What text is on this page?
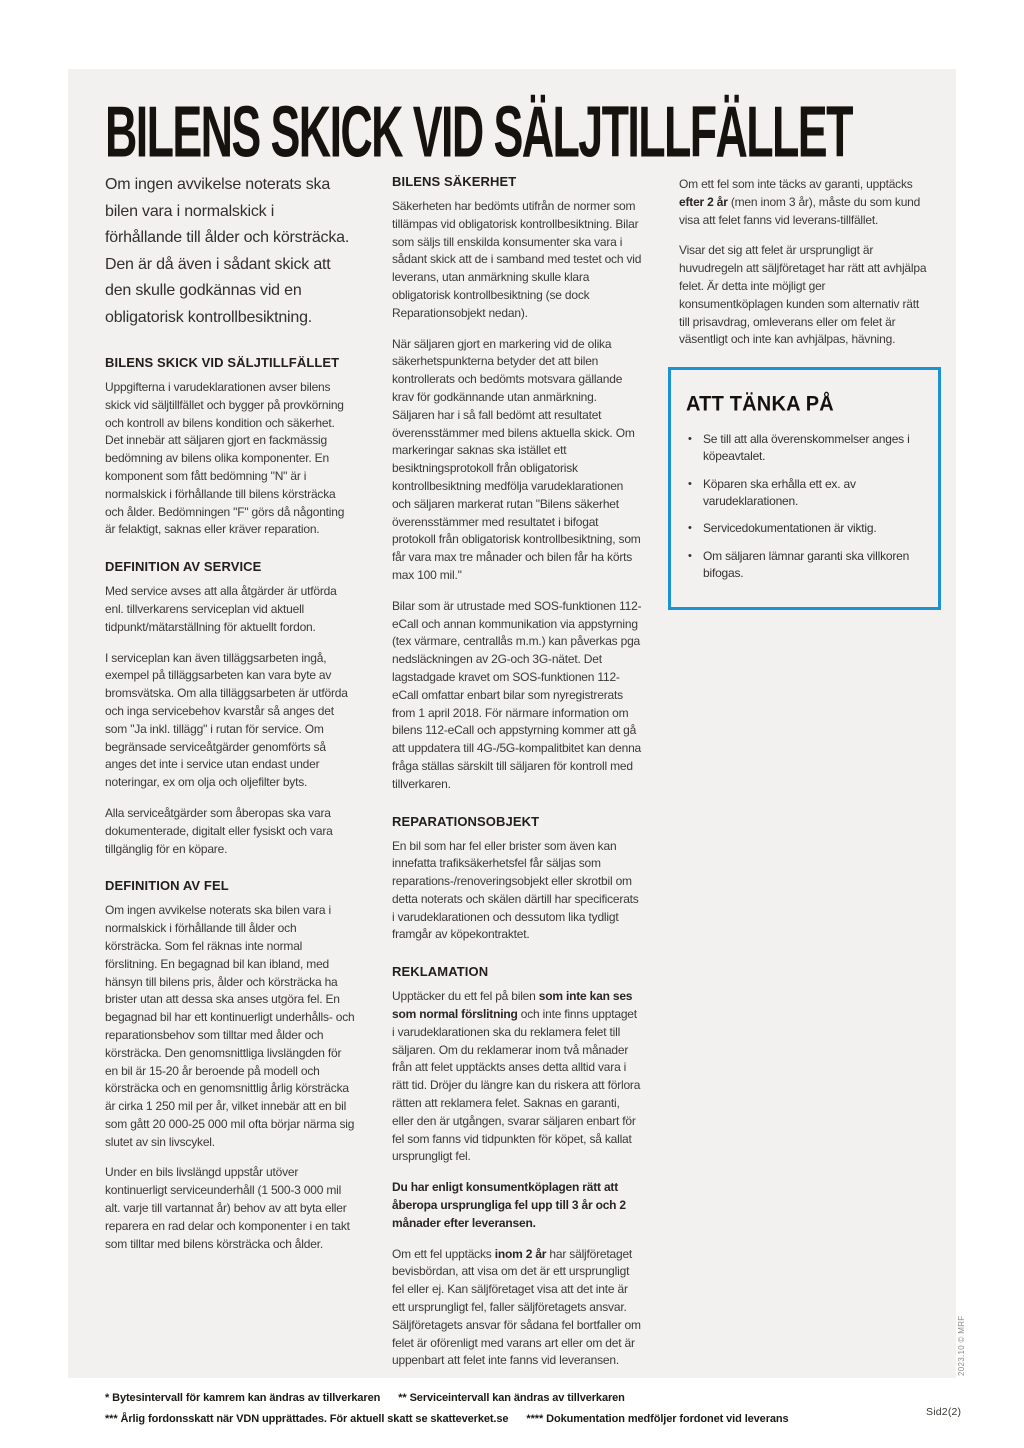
BILENS SKICK VID SÄLJTILLFÄLLET

Om ingen avvikelse noterats ska bilen vara i normalskick i förhållande till ålder och körsträcka. Den är då även i sådant skick att den skulle godkännas vid en obligatorisk kontrollbesiktning.

BILENS SKICK VID SÄLJTILLFÄLLET

Uppgifterna i varudeklarationen avser bilens skick vid säljtillfället och bygger på provkörning och kontroll av bilens kondition och säkerhet. Det innebär att säljaren gjort en fackmässig bedömning av bilens olika komponenter. En komponent som fått bedömning "N" är i normalskick i förhållande till bilens körsträcka och ålder. Bedömningen "F" görs då någonting är felaktigt, saknas eller kräver reparation.

DEFINITION AV SERVICE

Med service avses att alla åtgärder är utförda enl. tillverkarens serviceplan vid aktuell tidpunkt/mätarställning för aktuellt fordon.

I serviceplan kan även tilläggsarbeten ingå, exempel på tilläggsarbeten kan vara byte av bromsvätska. Om alla tilläggsarbeten är utförda och inga servicebehov kvarstår så anges det som "Ja inkl. tillägg" i rutan för service. Om begränsade serviceåtgärder genomförts så anges det inte i service utan endast under noteringar, ex om olja och oljefilter byts.

Alla serviceåtgärder som åberopas ska vara dokumenterade, digitalt eller fysiskt och vara tillgänglig för en köpare.

DEFINITION AV FEL

Om ingen avvikelse noterats ska bilen vara i normalskick i förhållande till ålder och körsträcka. Som fel räknas inte normal förslitning. En begagnad bil kan ibland, med hänsyn till bilens pris, ålder och körsträcka ha brister utan att dessa ska anses utgöra fel. En begagnad bil har ett kontinuerligt underhålls- och reparationsbehov som tilltar med ålder och körsträcka. Den genomsnittliga livslängden för en bil är 15-20 år beroende på modell och körsträcka och en genomsnittlig årlig körsträcka är cirka 1 250 mil per år, vilket innebär att en bil som gått 20 000-25 000 mil ofta börjar närma sig slutet av sin livscykel.

Under en bils livslängd uppstår utöver kontinuerligt serviceunderhåll (1 500-3 000 mil alt. varje till vartannat år) behov av att byta eller reparera en rad delar och komponenter i en takt som tilltar med bilens körsträcka och ålder.

BILENS SÄKERHET

Säkerheten har bedömts utifrån de normer som tillämpas vid obligatorisk kontrollbesiktning. Bilar som säljs till enskilda konsumenter ska vara i sådant skick att de i samband med testet och vid leverans, utan anmärkning skulle klara obligatorisk kontrollbesiktning (se dock Reparationsobjekt nedan).

När säljaren gjort en markering vid de olika säkerhetspunkterna betyder det att bilen kontrollerats och bedömts motsvara gällande krav för godkännande utan anmärkning. Säljaren har i så fall bedömt att resultatet överensstämmer med bilens aktuella skick. Om markeringar saknas ska istället ett besiktningsprotokoll från obligatorisk kontrollbesiktning medfölja varudeklarationen och säljaren markerat rutan "Bilens säkerhet överensstämmer med resultatet i bifogat protokoll från obligatorisk kontrollbesiktning, som får vara max tre månader och bilen får ha körts max 100 mil."

Bilar som är utrustade med SOS-funktionen 112-eCall och annan kommunikation via appstyrning (tex värmare, centrallås m.m.) kan påverkas pga nedsläckningen av 2G-och 3G-nätet. Det lagstadgade kravet om SOS-funktionen 112-eCall omfattar enbart bilar som nyregistrerats from 1 april 2018. För närmare information om bilens 112-eCall och appstyrning kommer att gå att uppdatera till 4G-/5G-kompalitbitet kan denna fråga ställas särskilt till säljaren för kontroll med tillverkaren.

REPARATIONSOBJEKT

En bil som har fel eller brister som även kan innefatta trafiksäkerhetsfel får säljas som reparations-/renoveringsobjekt eller skrotbil om detta noterats och skälen därtill har specificerats i varudeklarationen och dessutom lika tydligt framgår av köpekontraktet.

REKLAMATION

Upptäcker du ett fel på bilen som inte kan ses som normal förslitning och inte finns upptaget i varudeklarationen ska du reklamera felet till säljaren. Om du reklamerar inom två månader från att felet upptäckts anses detta alltid vara i rätt tid. Dröjer du längre kan du riskera att förlora rätten att reklamera felet. Saknas en garanti, eller den är utgången, svarar säljaren enbart för fel som fanns vid tidpunkten för köpet, så kallat ursprungligt fel.

Du har enligt konsumentköplagen rätt att åberopa ursprungliga fel upp till 3 år och 2 månader efter leveransen.

Om ett fel upptäcks inom 2 år har säljföretaget bevisbördan, att visa om det är ett ursprungligt fel eller ej. Kan säljföretaget visa att det inte är ett ursprungligt fel, faller säljföretagets ansvar. Säljföretagets ansvar för sådana fel bortfaller om felet är oförenligt med varans art eller om det är uppenbart att felet inte fanns vid leveransen.

Om ett fel som inte täcks av garanti, upptäcks efter 2 år (men inom 3 år), måste du som kund visa att felet fanns vid leverans-tillfället.

Visar det sig att felet är ursprungligt är huvudregeln att säljföretaget har rätt att avhjälpa felet. Är detta inte möjligt ger konsumentköplagen kunden som alternativ rätt till prisavdrag, omleverans eller om felet är väsentligt och inte kan avhjälpas, hävning.

ATT TÄNKA PÅ
• Se till att alla överenskommelser anges i köpeavtalet.
• Köparen ska erhålla ett ex. av varudeklarationen.
• Servicedokumentationen är viktig.
• Om säljaren lämnar garanti ska villkoren bifogas.
* Bytesintervall för kamrem kan ändras av tillverkaren ** Serviceintervall kan ändras av tillverkaren
*** Årlig fordonsskatt när VDN upprättades. För aktuell skatt se skatteverket.se **** Dokumentation medföljer fordonet vid leverans
Sid2(2)
2023.10 © MRF
